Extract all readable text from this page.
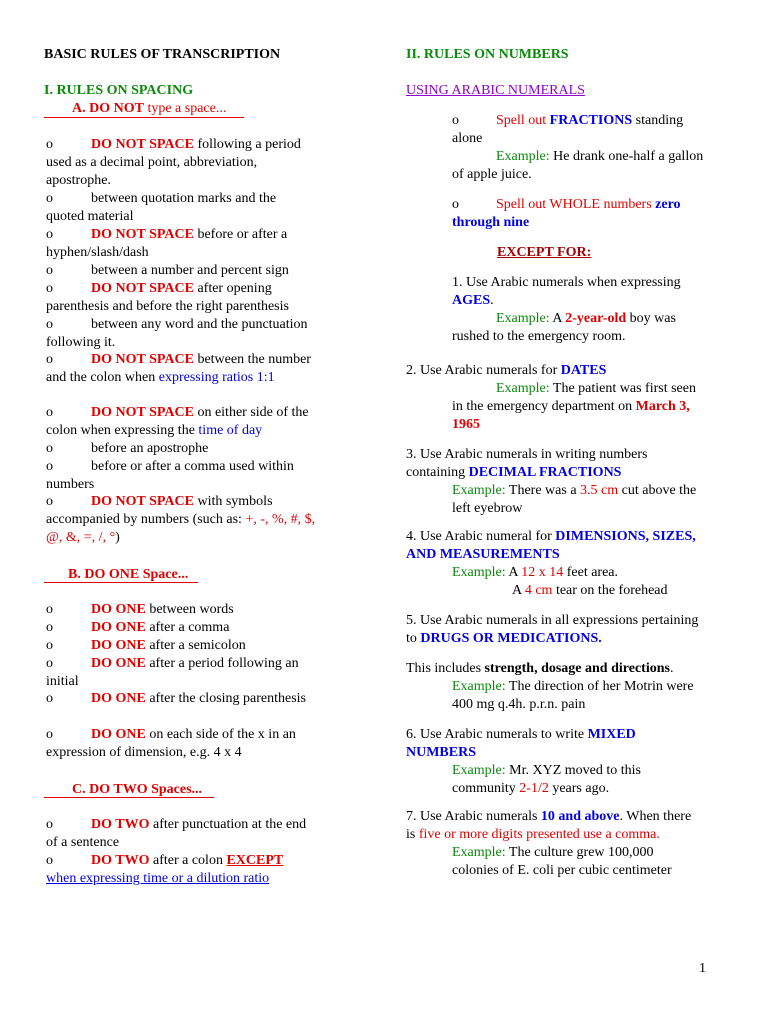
BASIC RULES OF TRANSCRIPTION
I. RULES ON SPACING
A. DO NOT type a space...
o	DO NOT SPACE following a period used as a decimal point, abbreviation, apostrophe.
o	between quotation marks and the quoted material
o	DO NOT SPACE before or after a hyphen/slash/dash
o	between a number and percent sign
o	DO NOT SPACE after opening parenthesis and before the right parenthesis
o	between any word and the punctuation following it.
o	DO NOT SPACE between the number and the colon when expressing ratios 1:1
o	DO NOT SPACE on either side of the colon when expressing the time of day
o	before an apostrophe
o	before or after a comma used within numbers
o	DO NOT SPACE with symbols accompanied by numbers (such as: +, -, %, #, $, @, &, =, /, °)
B. DO ONE Space...
o	DO ONE between words
o	DO ONE after a comma
o	DO ONE after a semicolon
o	DO ONE after a period following an initial
o	DO ONE after the closing parenthesis
o	DO ONE on each side of the x in an expression of dimension, e.g. 4 x 4
C. DO TWO Spaces...
o	DO TWO after punctuation at the end of a sentence
o	DO TWO after a colon EXCEPT when expressing time or a dilution ratio
II. RULES ON NUMBERS
USING ARABIC NUMERALS
o	Spell out FRACTIONS standing alone
Example: He drank one-half a gallon of apple juice.
o	Spell out WHOLE numbers zero through nine
EXCEPT FOR:
1. Use Arabic numerals when expressing AGES.
Example: A 2-year-old boy was rushed to the emergency room.
2. Use Arabic numerals for DATES

Example: The patient was first seen in the emergency department on March 3, 1965
3. Use Arabic numerals in writing numbers containing DECIMAL FRACTIONS
Example: There was a 3.5 cm cut above the left eyebrow
4. Use Arabic numeral for DIMENSIONS, SIZES, AND MEASUREMENTS
Example: A 12 x 14 feet area.
A 4 cm tear on the forehead
5. Use Arabic numerals in all expressions pertaining to DRUGS OR MEDICATIONS.
This includes strength, dosage and directions.
Example: The direction of her Motrin were 400 mg q.4h. p.r.n. pain
6. Use Arabic numerals to write MIXED NUMBERS
Example: Mr. XYZ moved to this community 2-1/2 years ago.
7. Use Arabic numerals 10 and above. When there is five or more digits presented use a comma.
Example: The culture grew 100,000 colonies of E. coli per cubic centimeter
1
